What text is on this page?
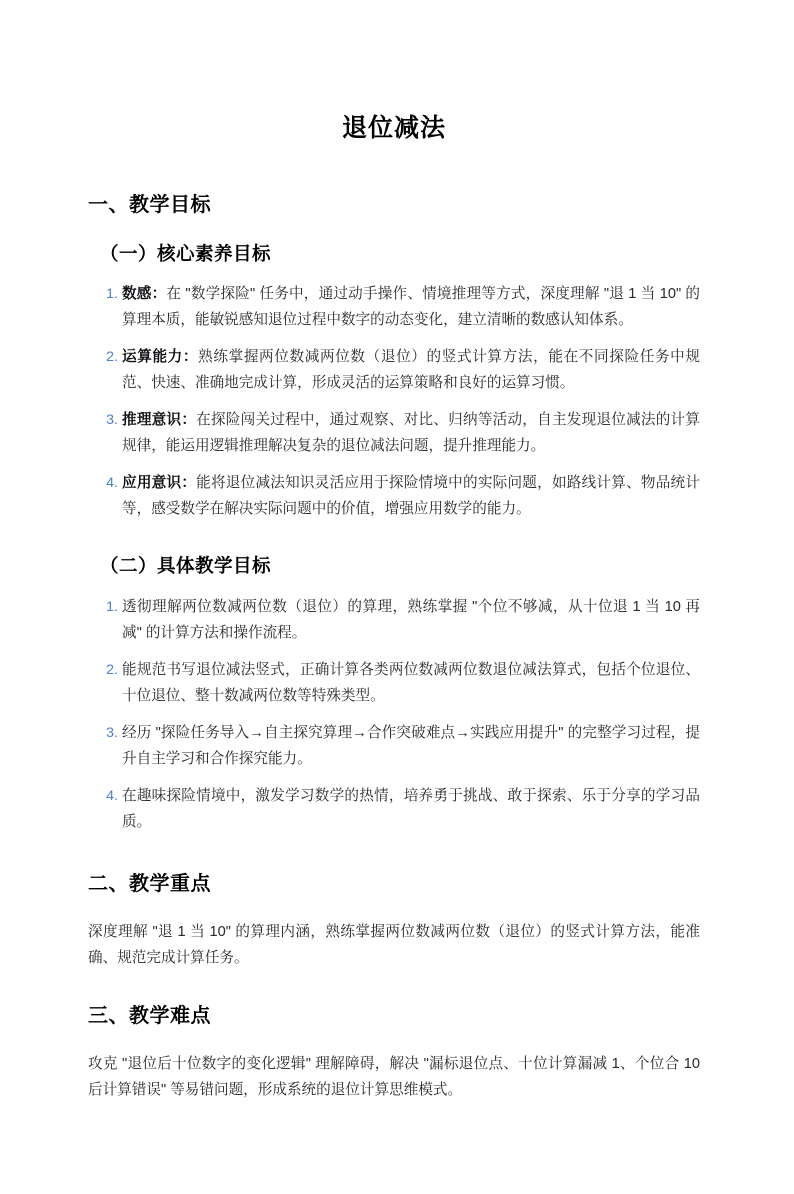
退位减法
一、教学目标
（一）核心素养目标
数感：在 "数学探险" 任务中，通过动手操作、情境推理等方式，深度理解 "退 1 当 10" 的算理本质，能敏锐感知退位过程中数字的动态变化，建立清晰的数感认知体系。
运算能力：熟练掌握两位数减两位数（退位）的竖式计算方法，能在不同探险任务中规范、快速、准确地完成计算，形成灵活的运算策略和良好的运算习惯。
推理意识：在探险闯关过程中，通过观察、对比、归纳等活动，自主发现退位减法的计算规律，能运用逻辑推理解决复杂的退位减法问题，提升推理能力。
应用意识：能将退位减法知识灵活应用于探险情境中的实际问题，如路线计算、物品统计等，感受数学在解决实际问题中的价值，增强应用数学的能力。
（二）具体教学目标
透彻理解两位数减两位数（退位）的算理，熟练掌握 "个位不够减，从十位退 1 当 10 再减" 的计算方法和操作流程。
能规范书写退位减法竖式，正确计算各类两位数减两位数退位减法算式，包括个位退位、十位退位、整十数减两位数等特殊类型。
经历 "探险任务导入→自主探究算理→合作突破难点→实践应用提升" 的完整学习过程，提升自主学习和合作探究能力。
在趣味探险情境中，激发学习数学的热情，培养勇于挑战、敢于探索、乐于分享的学习品质。
二、教学重点

深度理解 "退 1 当 10" 的算理内涵，熟练掌握两位数减两位数（退位）的竖式计算方法，能准确、规范完成计算任务。

三、教学难点

攻克 "退位后十位数字的变化逻辑" 理解障碍，解决 "漏标退位点、十位计算漏减 1、个位合 10 后计算错误" 等易错问题，形成系统的退位计算思维模式。
